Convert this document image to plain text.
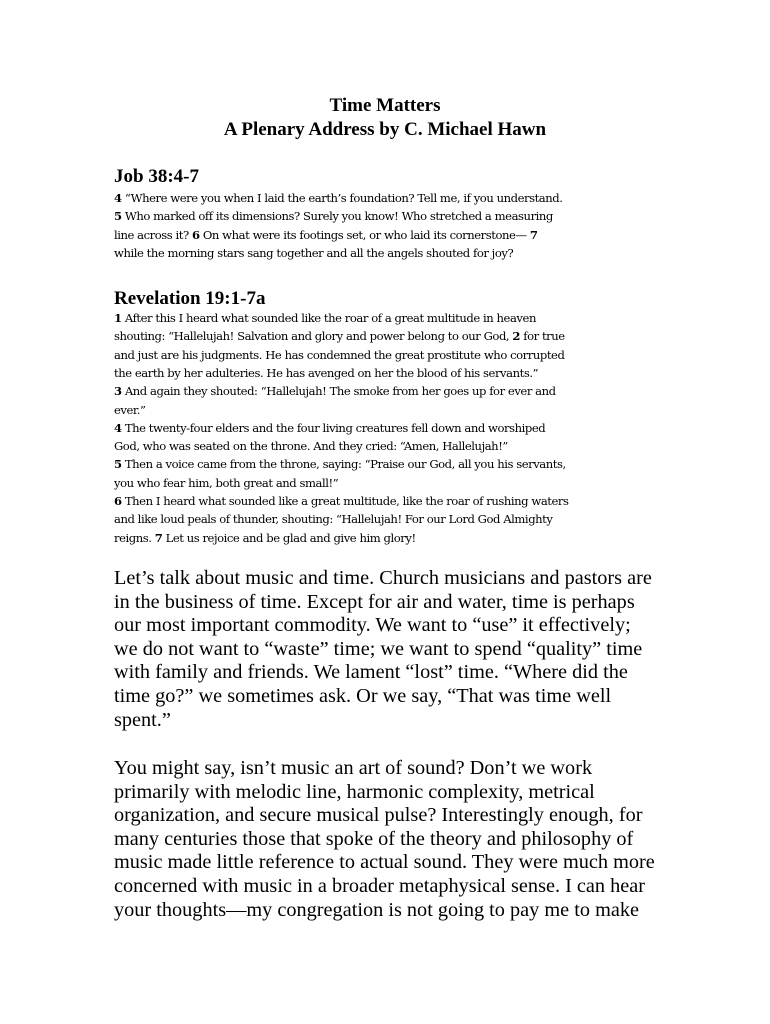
Time Matters
A Plenary Address by C. Michael Hawn
Job 38:4-7
4 “Where were you when I laid the earth’s foundation? Tell me, if you understand.
5 Who marked off its dimensions? Surely you know! Who stretched a measuring
line across it? 6 On what were its footings set, or who laid its cornerstone— 7
while the morning stars sang together and all the angels shouted for joy?
Revelation 19:1-7a
1 After this I heard what sounded like the roar of a great multitude in heaven
shouting: “Hallelujah! Salvation and glory and power belong to our God, 2 for true
and just are his judgments. He has condemned the great prostitute who corrupted
the earth by her adulteries. He has avenged on her the blood of his servants.”
3 And again they shouted: “Hallelujah! The smoke from her goes up for ever and
ever.”
4 The twenty-four elders and the four living creatures fell down and worshiped
God, who was seated on the throne. And they cried: “Amen, Hallelujah!”
5 Then a voice came from the throne, saying: “Praise our God, all you his servants,
you who fear him, both great and small!”
6 Then I heard what sounded like a great multitude, like the roar of rushing waters
and like loud peals of thunder, shouting: “Hallelujah! For our Lord God Almighty
reigns. 7 Let us rejoice and be glad and give him glory!
Let’s talk about music and time. Church musicians and pastors are
in the business of time. Except for air and water, time is perhaps
our most important commodity. We want to “use” it effectively;
we do not want to “waste” time; we want to spend “quality” time
with family and friends. We lament “lost” time. “Where did the
time go?” we sometimes ask. Or we say, “That was time well
spent.”
You might say, isn’t music an art of sound? Don’t we work
primarily with melodic line, harmonic complexity, metrical
organization, and secure musical pulse? Interestingly enough, for
many centuries those that spoke of the theory and philosophy of
music made little reference to actual sound. They were much more
concerned with music in a broader metaphysical sense. I can hear
your thoughts—my congregation is not going to pay me to make
